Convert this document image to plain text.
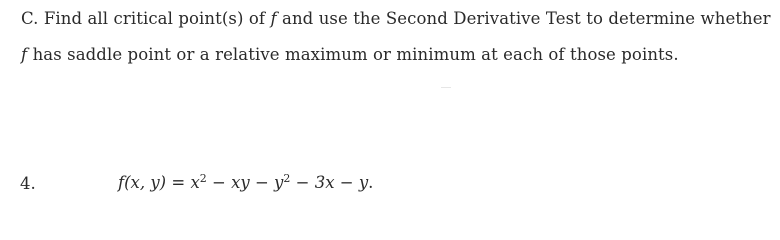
C. Find all critical point(s) of f and use the Second Derivative Test to determine whether
f has saddle point or a relative maximum or minimum at each of those points.
4.	f(x, $y) = x^2$ − xy − $y^2 - 3x - y$.
